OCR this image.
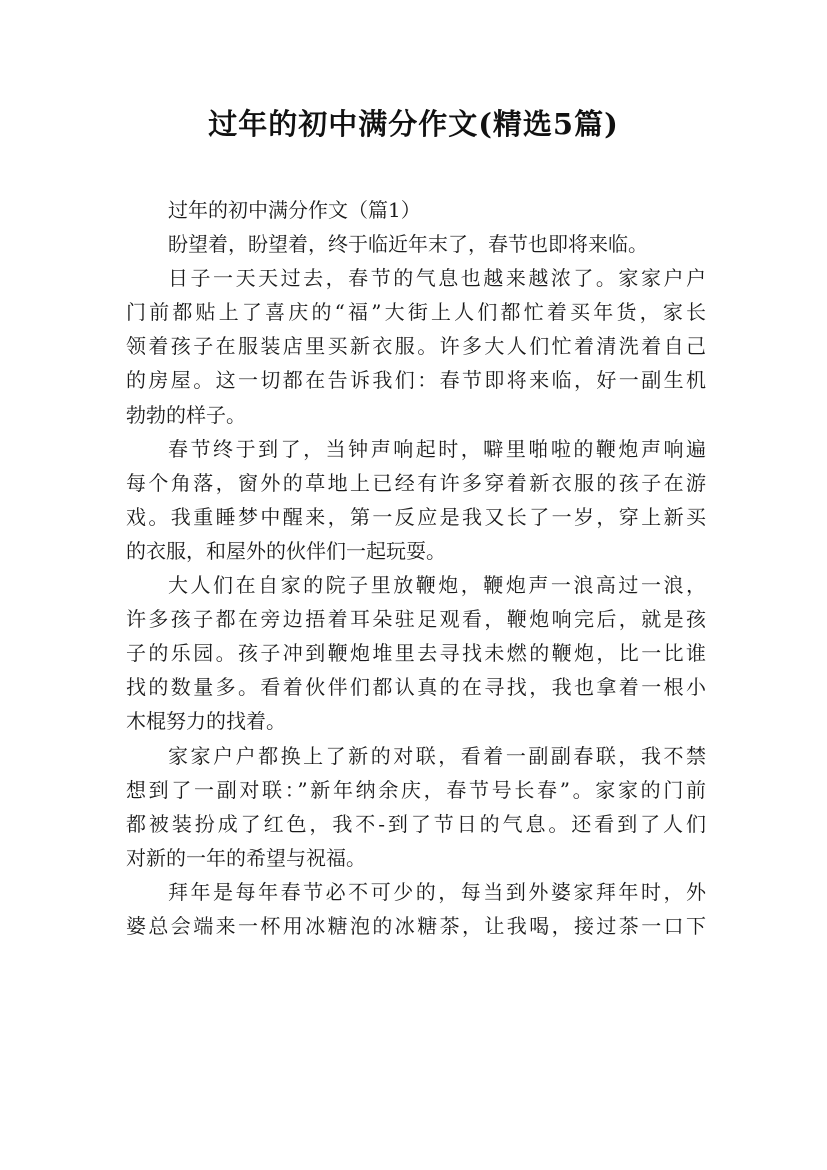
过年的初中满分作文(精选5篇)
过年的初中满分作文（篇1）
盼望着，盼望着，终于临近年末了，春节也即将来临。
日子一天天过去，春节的气息也越来越浓了。家家户户
门前都贴上了喜庆的“福”大街上人们都忙着买年货，家长
领着孩子在服装店里买新衣服。许多大人们忙着清洗着自己
的房屋。这一切都在告诉我们：春节即将来临，好一副生机
勃勃的样子。
春节终于到了，当钟声响起时，噼里啪啦的鞭炮声响遍
每个角落，窗外的草地上已经有许多穿着新衣服的孩子在游
戏。我重睡梦中醒来，第一反应是我又长了一岁，穿上新买
的衣服，和屋外的伙伴们一起玩耍。
大人们在自家的院子里放鞭炮，鞭炮声一浪高过一浪，
许多孩子都在旁边捂着耳朵驻足观看，鞭炮响完后，就是孩
子的乐园。孩子冲到鞭炮堆里去寻找未燃的鞭炮，比一比谁
找的数量多。看着伙伴们都认真的在寻找，我也拿着一根小
木棍努力的找着。
家家户户都换上了新的对联，看着一副副春联，我不禁
想到了一副对联：”新年纳余庆，春节号长春”。家家的门前
都被装扮成了红色，我不-到了节日的气息。还看到了人们
对新的一年的希望与祝福。
拜年是每年春节必不可少的，每当到外婆家拜年时，外
婆总会端来一杯用冰糖泡的冰糖茶，让我喝，接过茶一口下
